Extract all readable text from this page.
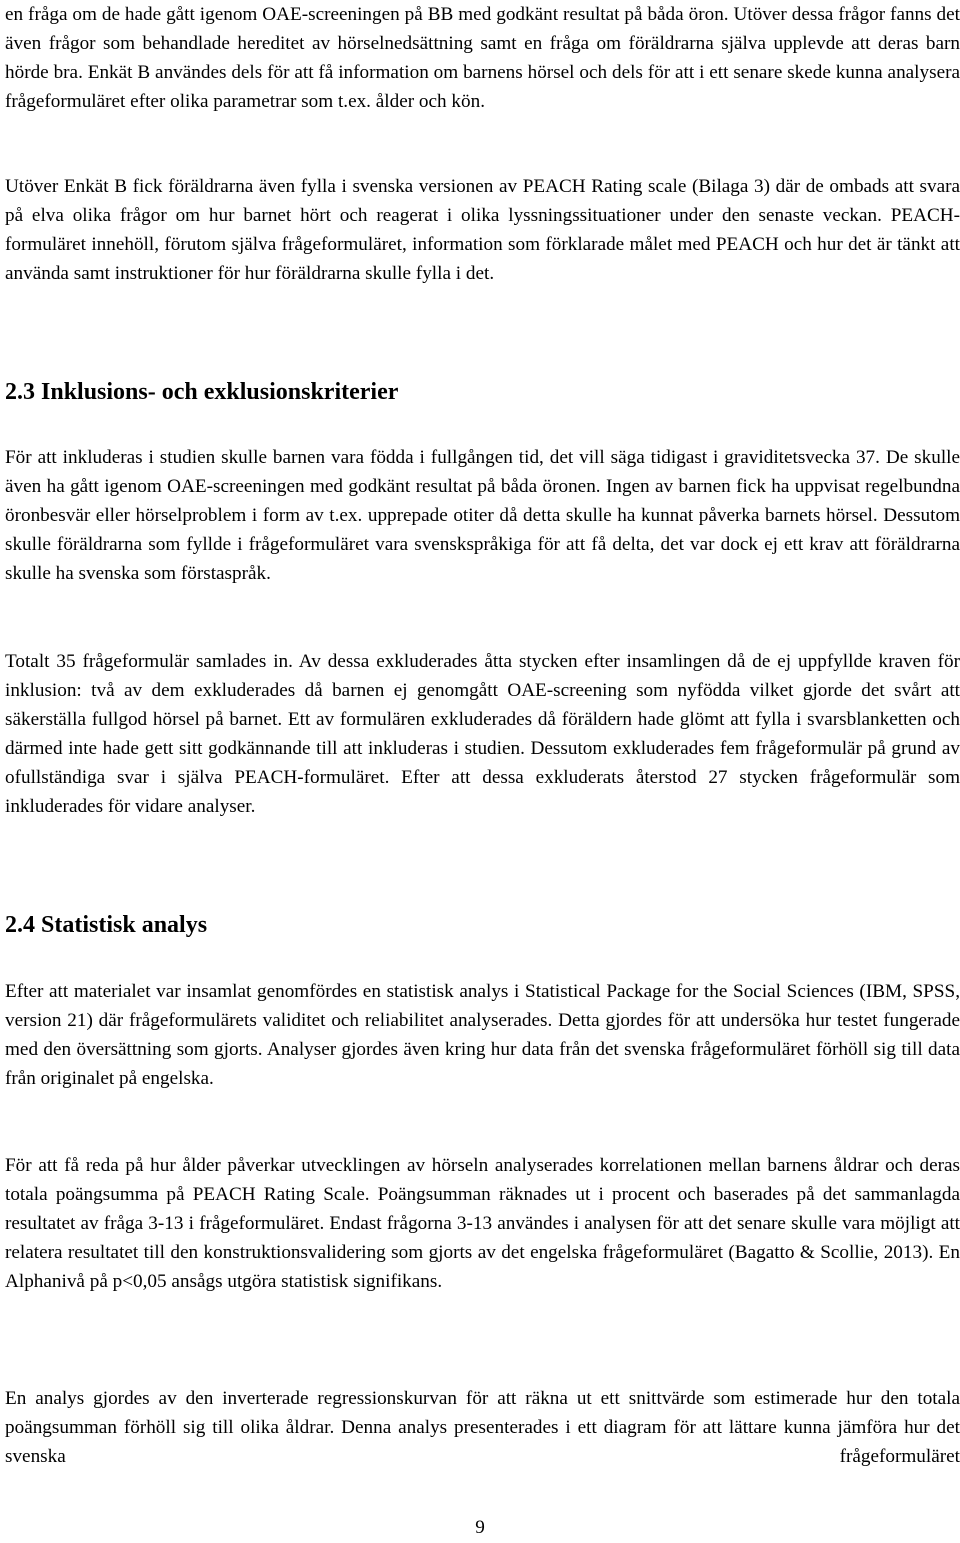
en fråga om de hade gått igenom OAE-screeningen på BB med godkänt resultat på båda öron. Utöver dessa frågor fanns det även frågor som behandlade hereditet av hörselnedsättning samt en fråga om föräldrarna själva upplevde att deras barn hörde bra. Enkät B användes dels för att få information om barnens hörsel och dels för att i ett senare skede kunna analysera frågeformuläret efter olika parametrar som t.ex. ålder och kön.

Utöver Enkät B fick föräldrarna även fylla i svenska versionen av PEACH Rating scale (Bilaga 3) där de ombads att svara på elva olika frågor om hur barnet hört och reagerat i olika lyssningssituationer under den senaste veckan. PEACH-formuläret innehöll, förutom själva frågeformuläret, information som förklarade målet med PEACH och hur det är tänkt att använda samt instruktioner för hur föräldrarna skulle fylla i det.

2.3 Inklusions- och exklusionskriterier

För att inkluderas i studien skulle barnen vara födda i fullgången tid, det vill säga tidigast i graviditetsvecka 37. De skulle även ha gått igenom OAE-screeningen med godkänt resultat på båda öronen. Ingen av barnen fick ha uppvisat regelbundna öronbesvär eller hörselproblem i form av t.ex. upprepade otiter då detta skulle ha kunnat påverka barnets hörsel. Dessutom skulle föräldrarna som fyllde i frågeformuläret vara svenskspråkiga för att få delta, det var dock ej ett krav att föräldrarna skulle ha svenska som förstaspråk.

Totalt 35 frågeformulär samlades in. Av dessa exkluderades åtta stycken efter insamlingen då de ej uppfyllde kraven för inklusion: två av dem exkluderades då barnen ej genomgått OAE-screening som nyfödda vilket gjorde det svårt att säkerställa fullgod hörsel på barnet. Ett av formulären exkluderades då föräldern hade glömt att fylla i svarsblanketten och därmed inte hade gett sitt godkännande till att inkluderas i studien. Dessutom exkluderades fem frågeformulär på grund av ofullständiga svar i själva PEACH-formuläret. Efter att dessa exkluderats återstod 27 stycken frågeformulär som inkluderades för vidare analyser.

2.4 Statistisk analys

Efter att materialet var insamlat genomfördes en statistisk analys i Statistical Package for the Social Sciences (IBM, SPSS, version 21) där frågeformulärets validitet och reliabilitet analyserades. Detta gjordes för att undersöka hur testet fungerade med den översättning som gjorts. Analyser gjordes även kring hur data från det svenska frågeformuläret förhöll sig till data från originalet på engelska.

För att få reda på hur ålder påverkar utvecklingen av hörseln analyserades korrelationen mellan barnens åldrar och deras totala poängsumma på PEACH Rating Scale. Poängsumman räknades ut i procent och baserades på det sammanlagda resultatet av fråga 3-13 i frågeformuläret. Endast frågorna 3-13 användes i analysen för att det senare skulle vara möjligt att relatera resultatet till den konstruktionsvalidering som gjorts av det engelska frågeformuläret (Bagatto & Scollie, 2013). En Alphanivå på p<0,05 ansågs utgöra statistisk signifikans.

En analys gjordes av den inverterade regressionskurvan för att räkna ut ett snittvärde som estimerade hur den totala poängsumman förhöll sig till olika åldrar. Denna analys presenterades i ett diagram för att lättare kunna jämföra hur det svenska frågeformuläret

9
